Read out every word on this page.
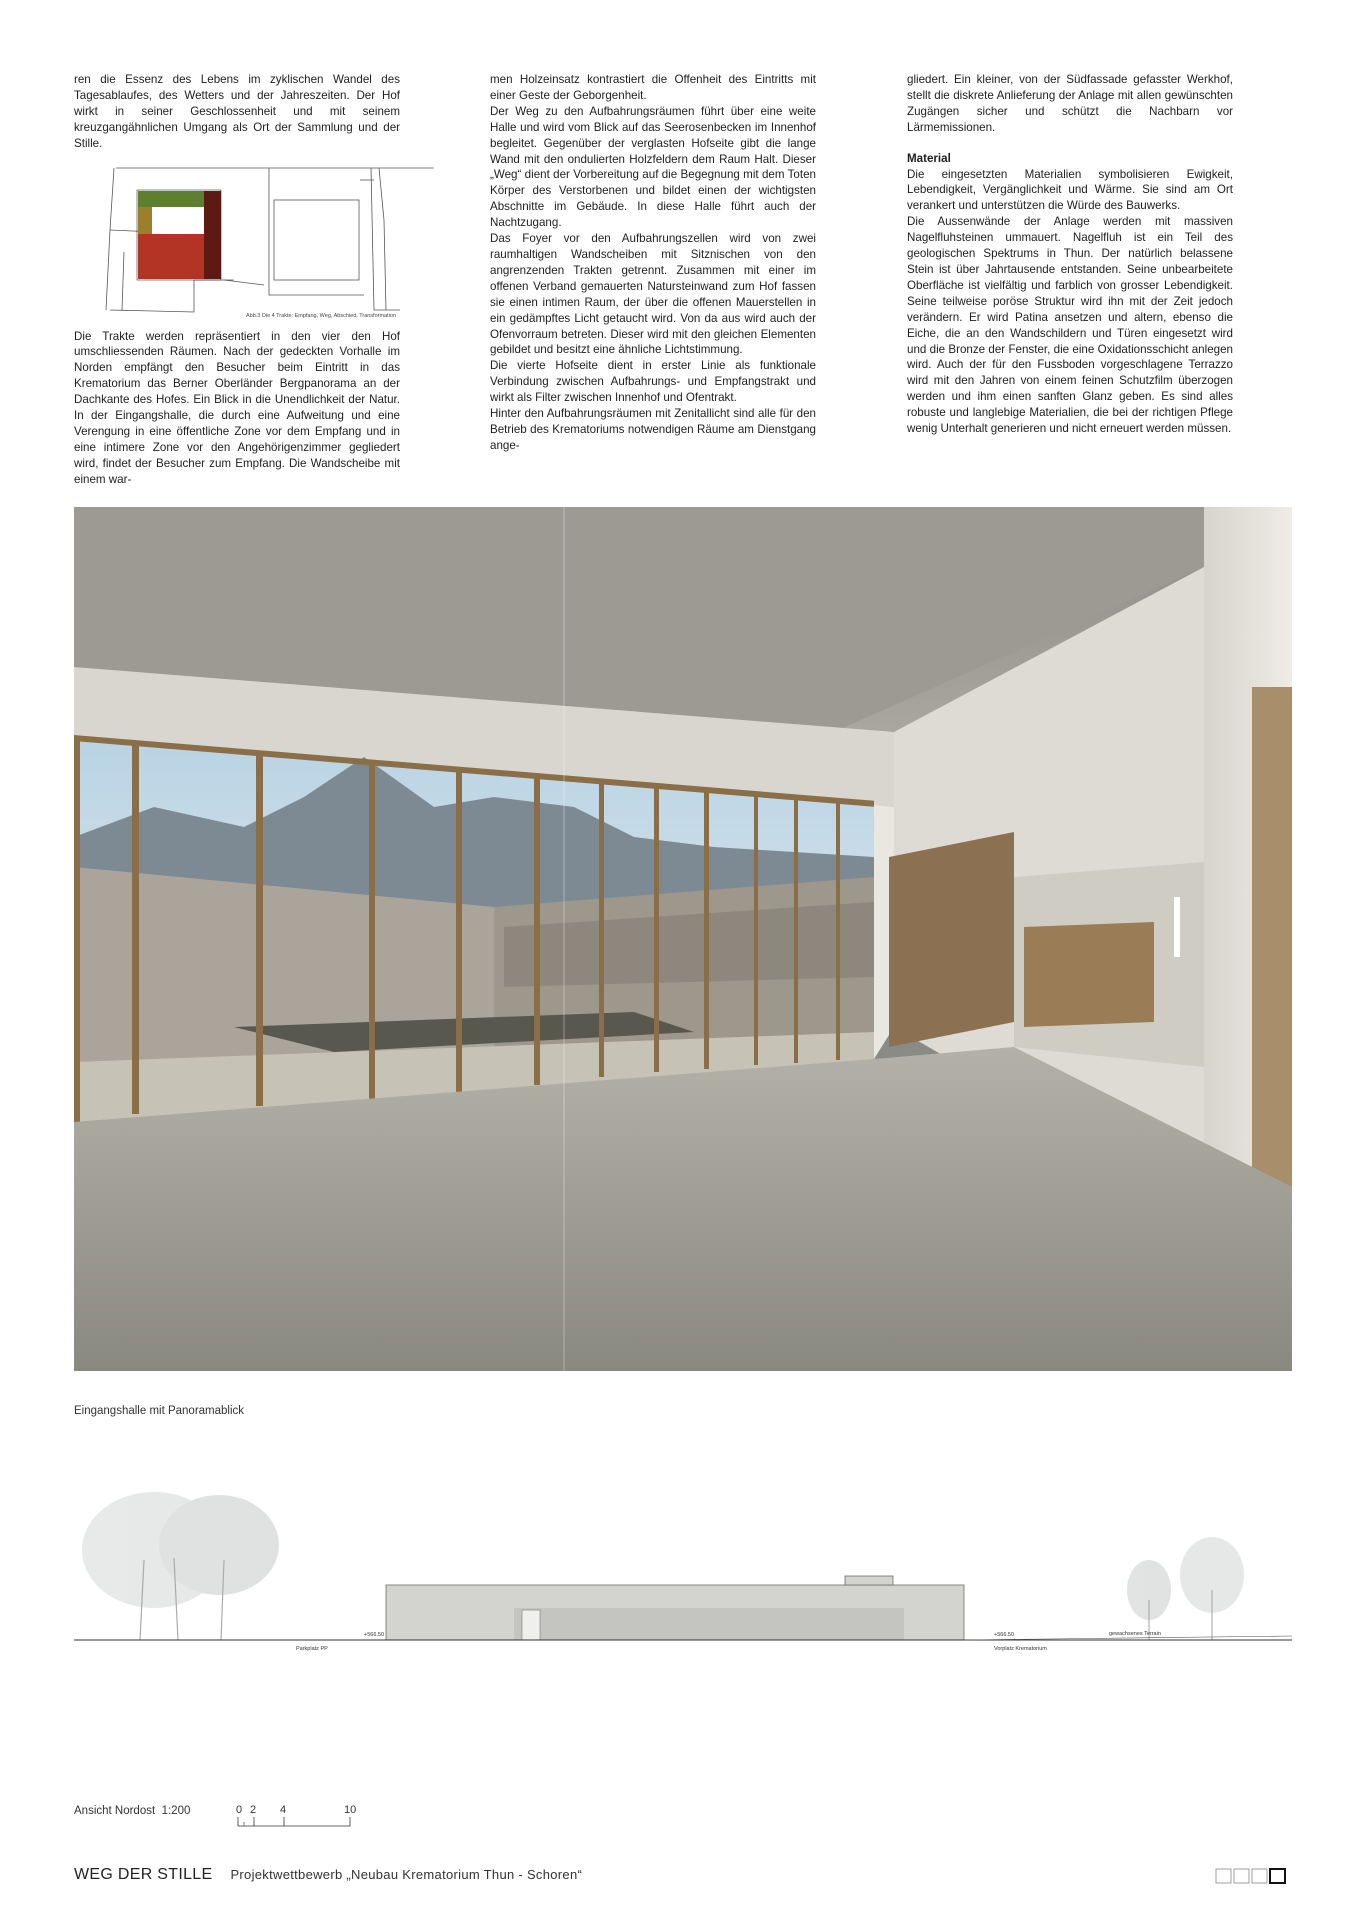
ren die Essenz des Lebens im zyklischen Wandel des Tagesablaufes, des Wetters und der Jahreszeiten. Der Hof wirkt in seiner Geschlossenheit und mit seinem kreuzgangähnlichen Umgang als Ort der Sammlung und der Stille.

Abb.3 Die 4 Trakte: Empfang, Weg, Abschied, Transformation

Die Trakte werden repräsentiert in den vier den Hof umschliessenden Räumen. Nach der gedeckten Vorhalle im Norden empfängt den Besucher beim Eintritt in das Krematorium das Berner Oberländer Bergpanorama an der Dachkante des Hofes. Ein Blick in die Unendlichkeit der Natur. In der Eingangshalle, die durch eine Aufweitung und eine Verengung in eine öffentliche Zone vor dem Empfang und in eine intimere Zone vor den Angehörigenzimmer gegliedert wird, findet der Besucher zum Empfang. Die Wandscheibe mit einem war-

men Holzeinsatz kontrastiert die Offenheit des Eintritts mit einer Geste der Geborgenheit.

Der Weg zu den Aufbahrungsräumen führt über eine weite Halle und wird vom Blick auf das Seerosenbecken im Innenhof begleitet. Gegenüber der verglasten Hofseite gibt die lange Wand mit den ondulierten Holzfeldern dem Raum Halt. Dieser „Weg“ dient der Vorbereitung auf die Begegnung mit dem Toten Körper des Verstorbenen und bildet einen der wichtigsten Abschnitte im Gebäude. In diese Halle führt auch der Nachtzugang.

Das Foyer vor den Aufbahrungszellen wird von zwei raumhaltigen Wandscheiben mit Sitznischen von den angrenzenden Trakten getrennt. Zusammen mit einer im offenen Verband gemauerten Natursteinwand zum Hof fassen sie einen intimen Raum, der über die offenen Mauerstellen in ein gedämpftes Licht getaucht wird. Von da aus wird auch der Ofenvorraum betreten. Dieser wird mit den gleichen Elementen gebildet und besitzt eine ähnliche Lichtstimmung.

Die vierte Hofseite dient in erster Linie als funktionale Verbindung zwischen Aufbahrungs- und Empfangstrakt und wirkt als Filter zwischen Innenhof und Ofentrakt.

Hinter den Aufbahrungsräumen mit Zenitallicht sind alle für den Betrieb des Krematoriums notwendigen Räume am Dienstgang ange-

gliedert. Ein kleiner, von der Südfassade gefasster Werkhof, stellt die diskrete Anlieferung der Anlage mit allen gewünschten Zugängen sicher und schützt die Nachbarn vor Lärmemissionen.

Material

Die eingesetzten Materialien symbolisieren Ewigkeit, Lebendigkeit, Vergänglichkeit und Wärme. Sie sind am Ort verankert und unterstützen die Würde des Bauwerks.

Die Aussenwände der Anlage werden mit massiven Nagelfluhsteinen ummauert. Nagelfluh ist ein Teil des geologischen Spektrums in Thun. Der natürlich belassene Stein ist über Jahrtausende entstanden. Seine unbearbeitete Oberfläche ist vielfältig und farblich von grosser Lebendigkeit. Seine teilweise poröse Struktur wird ihn mit der Zeit jedoch verändern. Er wird Patina ansetzen und altern, ebenso die Eiche, die an den Wandschildern und Türen eingesetzt wird und die Bronze der Fenster, die eine Oxidationsschicht anlegen wird. Auch der für den Fussboden vorgeschlagene Terrazzo wird mit den Jahren von einem feinen Schutzfilm überzogen werden und ihm einen sanften Glanz geben. Es sind alles robuste und langlebige Materialien, die bei der richtigen Pflege wenig Unterhalt generieren und nicht erneuert werden müssen.

Eingangshalle mit Panoramablick
Parkplatz PP
+566.50	+566.50
Vorplatz Krematorium
gewachsenes Terrain
Ansicht Nordost 1:200	0 2 4	10
WEG DER STILLE Projektwettbewerb „Neubau Krematorium Thun - Schoren“
